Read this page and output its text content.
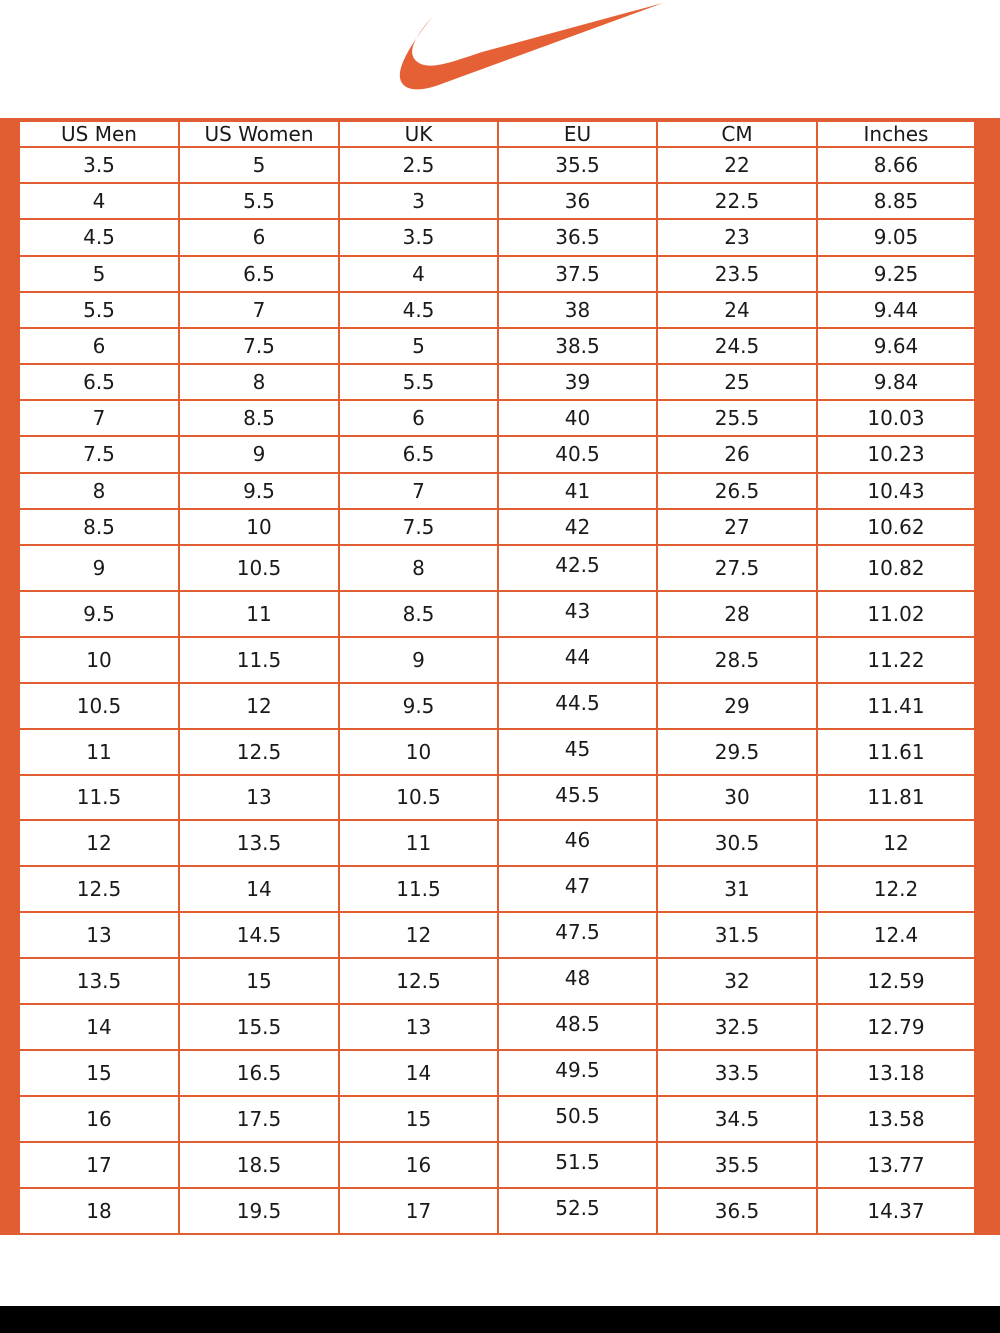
US Men	US Women	UK	EU	CM	Inches
3.5	5	2.5	35.5	22	8.66
4	5.5	3	36	22.5	8.85
4.5	6	3.5	36.5	23	9.05
5	6.5	4	37.5	23.5	9.25
5.5	7	4.5	38	24	9.44
6	7.5	5	38.5	24.5	9.64
6.5	8	5.5	39	25	9.84
7	8.5	6	40	25.5	10.03
7.5	9	6.5	40.5	26	10.23
8	9.5	7	41	26.5	10.43
8.5	10	7.5	42	27	10.62
9	10.5	8	42.5	27.5	10.82
9.5	11	8.5	43	28	11.02
10	11.5	9	44	28.5	11.22
10.5	12	9.5	44.5	29	11.41
11	12.5	10	45	29.5	11.61
11.5	13	10.5	45.5	30	11.81
12	13.5	11	46	30.5	12
12.5	14	11.5	47	31	12.2
13	14.5	12	47.5	31.5	12.4
13.5	15	12.5	48	32	12.59
14	15.5	13	48.5	32.5	12.79
15	16.5	14	49.5	33.5	13.18
16	17.5	15	50.5	34.5	13.58
17	18.5	16	51.5	35.5	13.77
18	19.5	17	52.5	36.5	14.37
